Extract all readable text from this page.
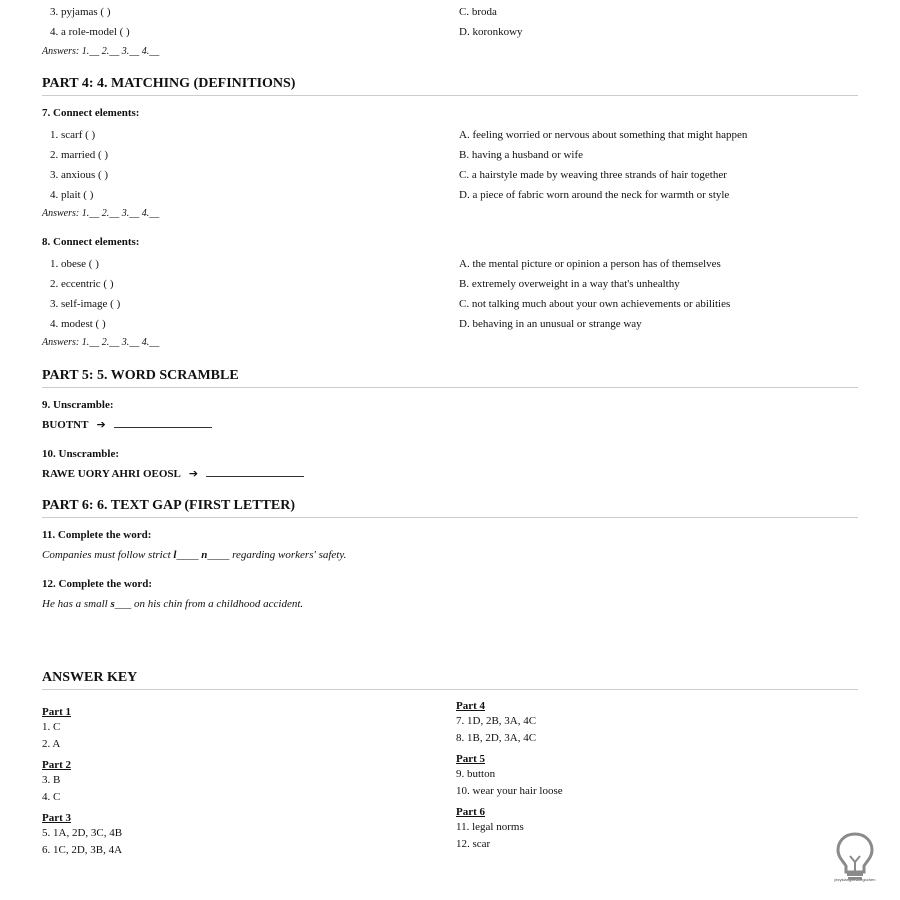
3. pyjamas ( )	C. broda
4. a role-model ( )	D. koronkowy
Answers: 1.__ 2.__ 3.__ 4.__
PART 4: 4. MATCHING (DEFINITIONS)
7. Connect elements:
1. scarf ( )	A. feeling worried or nervous about something that might happen
2. married ( )	B. having a husband or wife
3. anxious ( )	C. a hairstyle made by weaving three strands of hair together
4. plait ( )	D. a piece of fabric worn around the neck for warmth or style
Answers: 1.__ 2.__ 3.__ 4.__
8. Connect elements:
1. obese ( )	A. the mental picture or opinion a person has of themselves
2. eccentric ( )	B. extremely overweight in a way that's unhealthy
3. self-image ( )	C. not talking much about your own achievements or abilities
4. modest ( )	D. behaving in an unusual or strange way
Answers: 1.__ 2.__ 3.__ 4.__
PART 5: 5. WORD SCRAMBLE
9. Unscramble:
BUOTNT ➔
10. Unscramble:
RAWE UORY AHRI OEOSL ➔
PART 6: 6. TEXT GAP (FIRST LETTER)
11. Complete the word:
Companies must follow strict l____ n____ regarding workers' safety.
12. Complete the word:
He has a small s___ on his chin from a childhood accident.
ANSWER KEY
Part 1
1. C
2. A
Part 2
3. B
4. C
Part 3
5. 1A, 2D, 3C, 4B
6. 1C, 2D, 3B, 4A
Part 4
7. 1D, 2B, 3A, 4C
8. 1B, 2D, 3A, 4C
Part 5
9. button
10. wear your hair loose
Part 6
11. legal norms
12. scar
jezykiangielskiegochen
